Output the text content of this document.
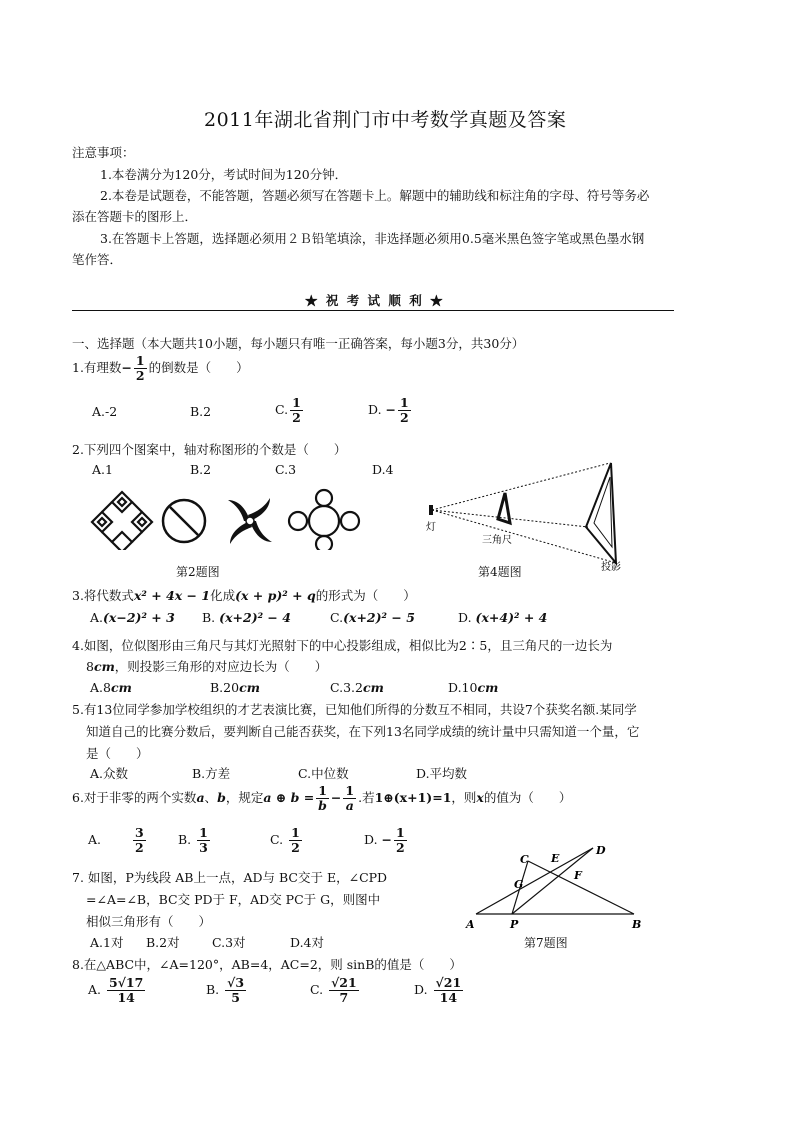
2011年湖北省荆门市中考数学真题及答案
注意事项：
1.本卷满分为120分，考试时间为120分钟．
2.本卷是试题卷，不能答题，答题必须写在答题卡上。解题中的辅助线和标注角的字母、符号等务必
添在答题卡的图形上．
3.在答题卡上答题，选择题必须用２Ｂ铅笔填涂，非选择题必须用0.5毫米黑色签字笔或黑色墨水钢
笔作答．
★ 祝 考 试 顺 利 ★
一、选择题（本大题共10小题，每小题只有唯一正确答案，每小题3分，共30分）
1.有理数− $\frac{1}{2}$ 的倒数是（　　）
A.-2	B.2	C. $\frac{1}{2}$	D. − $\frac{1}{2}$
2.下列四个图案中，轴对称图形的个数是（　　）
A.1	B.2	C.3	D.4
第2题图
灯
三角尺
投影
第4题图
3.将代数式x² + 4x − 1化成(x + p)² + q的形式为（　　）
A.(x−2)² + 3 B. (x+2)² − 4	C.(x+2)² − 5	D. (x+4)² + 4
4.如图，位似图形由三角尺与其灯光照射下的中心投影组成，相似比为2∶5，且三角尺的一边长为
8cm，则投影三角形的对应边长为（　　）
A.8cm	B.20cm	C.3.2cm	D.10cm
5.有13位同学参加学校组织的才艺表演比赛，已知他们所得的分数互不相同，共设7个获奖名额.某同学
知道自己的比赛分数后，要判断自己能否获奖，在下列13名同学成绩的统计量中只需知道一个量，它
是（　　）
A.众数	B.方差	C.中位数	D.平均数
6.对于非零的两个实数a、b，规定a ⊕ $b = \frac{1}{b} - \frac{1}{a}$ .若1⊕(x+1)=1，则x的值为（　　）
A.	$\frac{3}{2}$	B. $\frac{1}{3}$	C. $\frac{1}{2}$	D. − $\frac{1}{2}$
7. 如图，P为线段 AB上一点，AD与 BC交于 E，∠CPD
=∠A=∠B，BC交 PD于 F，AD交 PC于 G，则图中
相似三角形有（　　）
A.1对 B.2对	C.3对	D.4对
A	P	B
C E
D
F
G
第7题图
8.在△ABC中，∠A=120°，AB=4，AC=2，则 sinB的值是（　　）
A. $\frac{5√17}{14}$	B. $\frac{√3}{5}$	C. $\frac{√21}{7}$	D. $\frac{√21}{14}$
